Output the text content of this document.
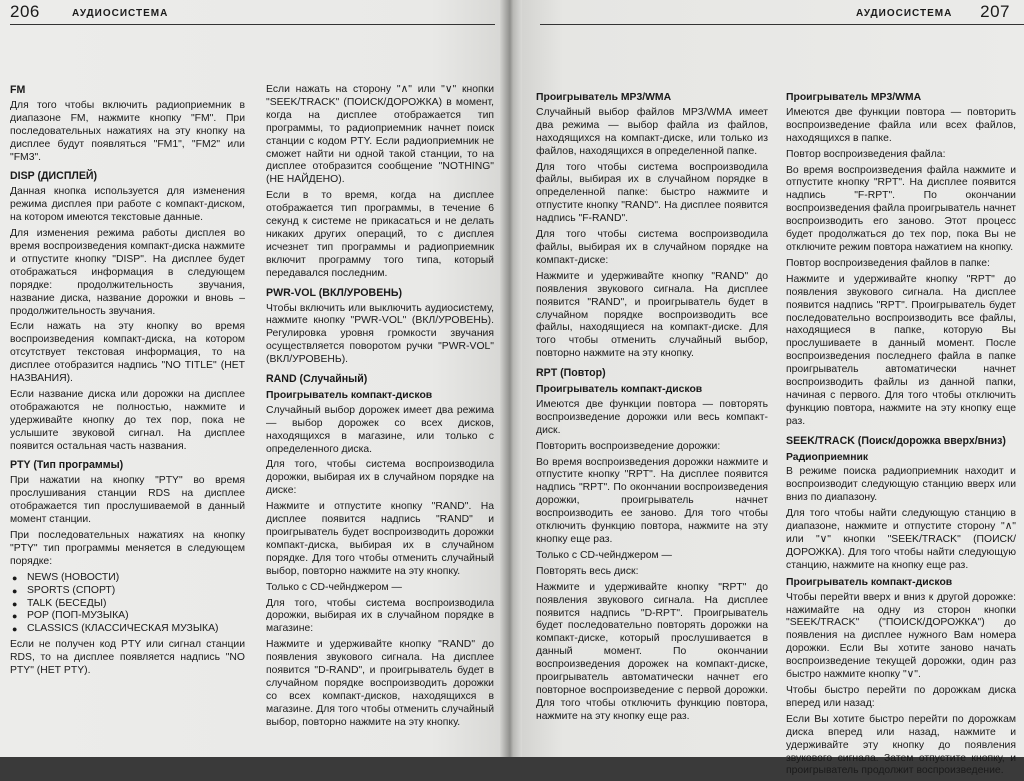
206	АУДИОСИСТЕМА
FM

Для того чтобы включить радиоприемник в диапазоне FM, нажмите кнопку "FM". При последовательных нажатиях на эту кнопку на дисплее будут появляться "FM1", "FM2" или "FM3".

DISP (ДИСПЛЕЙ)

Данная кнопка используется для изменения режима дисплея при работе с компакт-диском, на котором имеются текстовые данные.

Для изменения режима работы дисплея во время воспроизведения компакт-диска нажмите и отпустите кнопку "DISP". На дисплее будет отображаться информация в следующем порядке: продолжительность звучания, название диска, название дорожки и вновь – продолжительность звучания.

Если нажать на эту кнопку во время воспроизведения компакт-диска, на котором отсутствует текстовая информация, то на дисплее отобразится надпись "NO TITLE" (НЕТ НАЗВАНИЯ).

Если название диска или дорожки на дисплее отображаются не полностью, нажмите и удерживайте кнопку до тех пор, пока не услышите звуковой сигнал. На дисплее появится остальная часть названия.

PTY (Тип программы)

При нажатии на кнопку "PTY" во время прослушивания станции RDS на дисплее отображается тип прослушиваемой в данный момент станции.

При последовательных нажатиях на кнопку "PTY" тип программы меняется в следующем порядке:

● NEWS (НОВОСТИ)
● SPORTS (СПОРТ)
● TALK (БЕСЕДЫ)
● POP (ПОП-МУЗЫКА)
● CLASSICS (КЛАССИЧЕСКАЯ МУЗЫКА)

Если не получен код PTY или сигнал станции RDS, то на дисплее появляется надпись "NO PTY" (НЕТ PTY).

Если нажать на сторону "∧" или "∨" кнопки "SEEK/TRACK" (ПОИСК/ДОРОЖКА) в момент, когда на дисплее отображается тип программы, то радиоприемник начнет поиск станции с кодом PTY. Если радиоприемник не сможет найти ни одной такой станции, то на дисплее отобразится сообщение "NOTHING" (НЕ НАЙДЕНО).

Если в то время, когда на дисплее отображается тип программы, в течение 6 секунд к системе не прикасаться и не делать никаких других операций, то с дисплея исчезнет тип программы и радиоприемник включит программу того типа, который передавался последним.

PWR-VOL (ВКЛ/УРОВЕНЬ)

Чтобы включить или выключить аудиосистему, нажмите кнопку "PWR-VOL" (ВКЛ/УРОВЕНЬ). Регулировка уровня громкости звучания осуществляется поворотом ручки "PWR-VOL" (ВКЛ/УРОВЕНЬ).

RAND (Случайный)
Проигрыватель компакт-дисков

Случайный выбор дорожек имеет два режима — выбор дорожек со всех дисков, находящихся в магазине, или только с определенного диска.

Для того, чтобы система воспроизводила дорожки, выбирая их в случайном порядке на диске:

Нажмите и отпустите кнопку "RAND". На дисплее появится надпись "RAND" и проигрыватель будет воспроизводить дорожки компакт-диска, выбирая их в случайном порядке. Для того чтобы отменить случайный выбор, повторно нажмите на эту кнопку.

Только с CD-чейнджером —

Для того, чтобы система воспроизводила дорожки, выбирая их в случайном порядке в магазине:

Нажмите и удерживайте кнопку "RAND" до появления звукового сигнала. На дисплее появится "D-RAND", и проигрыватель будет в случайном порядке воспроизводить дорожки со всех компакт-дисков, находящихся в магазине. Для того чтобы отменить случайный выбор, повторно нажмите на эту кнопку.

АУДИОСИСТЕМА 207
Проигрыватель MP3/WMA

Случайный выбор файлов MP3/WMA имеет два режима — выбор файла из файлов, находящихся на компакт-диске, или только из файлов, находящихся в определенной папке.

Для того чтобы система воспроизводила файлы, выбирая их в случайном порядке в определенной папке: быстро нажмите и отпустите кнопку "RAND". На дисплее появится надпись "F-RAND".

Для того чтобы система воспроизводила файлы, выбирая их в случайном порядке на компакт-диске:

Нажмите и удерживайте кнопку "RAND" до появления звукового сигнала. На дисплее появится "RAND", и проигрыватель будет в случайном порядке воспроизводить все файлы, находящиеся на компакт-диске. Для того чтобы отменить случайный выбор, повторно нажмите на эту кнопку.

RPT (Повтор)
Проигрыватель компакт-дисков

Имеются две функции повтора — повторять воспроизведение дорожки или весь компакт-диск.

Повторить воспроизведение дорожки:

Во время воспроизведения дорожки нажмите и отпустите кнопку "RPT". На дисплее появится надпись "RPT". По окончании воспроизведения дорожки, проигрыватель начнет воспроизводить ее заново. Для того чтобы отключить функцию повтора, нажмите на эту кнопку еще раз.

Только с CD-чейнджером —

Повторять весь диск:

Нажмите и удерживайте кнопку "RPT" до появления звукового сигнала. На дисплее появится надпись "D-RPT". Проигрыватель будет последовательно повторять дорожки на компакт-диске, который прослушивается в данный момент. По окончании воспроизведения дорожек на компакт-диске, проигрыватель автоматически начнет его повторное воспроизведение с первой дорожки. Для того чтобы отключить функцию повтора, нажмите на эту кнопку еще раз.

Проигрыватель MP3/WMA

Имеются две функции повтора — повторить воспроизведение файла или всех файлов, находящихся в папке.

Повтор воспроизведения файла:

Во время воспроизведения файла нажмите и отпустите кнопку "RPT". На дисплее появится надпись "F-RPT". По окончании воспроизведения файла проигрыватель начнет воспроизводить его заново. Этот процесс будет продолжаться до тех пор, пока Вы не отключите режим повтора нажатием на кнопку.

Повтор воспроизведения файлов в папке:

Нажмите и удерживайте кнопку "RPT" до появления звукового сигнала. На дисплее появится надпись "RPT". Проигрыватель будет последовательно воспроизводить все файлы, находящиеся в папке, которую Вы прослушиваете в данный момент. После воспроизведения последнего файла в папке проигрыватель автоматически начнет воспроизводить файлы из данной папки, начиная с первого. Для того чтобы отключить функцию повтора, нажмите на эту кнопку еще раз.

SEEK/TRACK (Поиск/дорожка вверх/вниз)
Радиоприемник

В режиме поиска радиоприемник находит и воспроизводит следующую станцию вверх или вниз по диапазону.

Для того чтобы найти следующую станцию в диапазоне, нажмите и отпустите сторону "∧" или "∨" кнопки "SEEK/TRACK" (ПОИСК/ДОРОЖКА). Для того чтобы найти следующую станцию, нажмите на кнопку еще раз.

Проигрыватель компакт-дисков

Чтобы перейти вверх и вниз к другой дорожке: нажимайте на одну из сторон кнопки "SEEK/TRACK" ("ПОИСК/ДОРОЖКА") до появления на дисплее нужного Вам номера дорожки. Если Вы хотите заново начать воспроизведение текущей дорожки, один раз быстро нажмите кнопку "∨".

Чтобы быстро перейти по дорожкам диска вперед или назад:

Если Вы хотите быстро перейти по дорожкам диска вперед или назад, нажмите и удерживайте эту кнопку до появления звукового сигнала. Затем отпустите кнопку, и проигрыватель продолжит воспроизведение.
